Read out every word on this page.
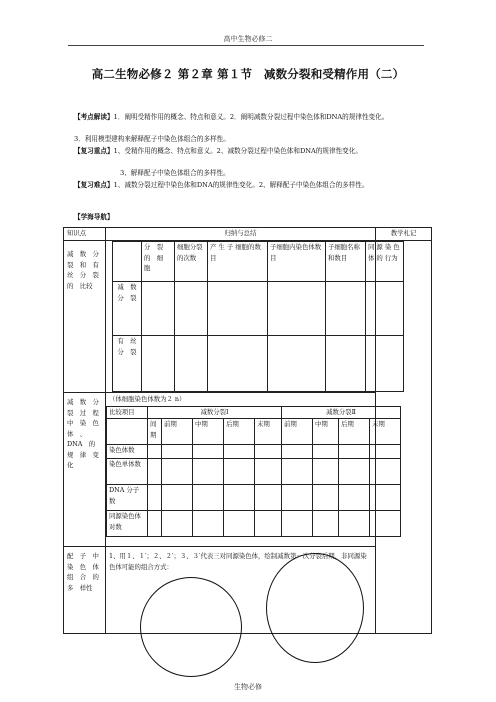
高中生物必修二
高二生物必修２ 第２章 第１节　减数分裂和受精作用（二）
【考点解读】1．阐明受精作用的概念、特点和意义。2．阐明减数分裂过程中染色体和DNA的规律性变化。
3．利用模型建构来解释配子中染色体组合的多样性。
【复习重点】1、受精作用的概念、特点和意义。2、减数分裂过程中染色体和DNA的规律性变化。
3、解释配子中染色体组合的多样性。
【复习难点】1、减数分裂过程中染色体和DNA的规律性变化。2、解释配子中染色体组合的多样性。
【学海导航】
知识点	归纳与总结	教学札记
减　数　分　裂　和　有　丝　分　裂　的　比较	
	分　裂　的　细　胞	细胞分裂的次数	产 生 子 细胞的数目	子细胞内染色体数目	子细胞名称和数目	同 源 染 色 体 的 行为
减　数　分　裂						
有　丝　分　裂						

减　数　分　裂　过　程　中　染　色　体　、　DNA　的　规　律　变　化	
（体细胞染色体数为２ n）
比较项目	减数分裂Ⅰ	减数分裂Ⅱ
	间　期	前期	中期	后期	末期	前期	中期	后期	末期
染色体数									
染色单体数									
DNA 分子数									
同源染色体对数									

配　子　中　染　色　体　组　合　的　多　样性	1、用１、１′；２、２′；３、３′代表三对同源染色体，绘制减数第一次分裂后期，非同源染色体可能的组合方式：
生物必修
